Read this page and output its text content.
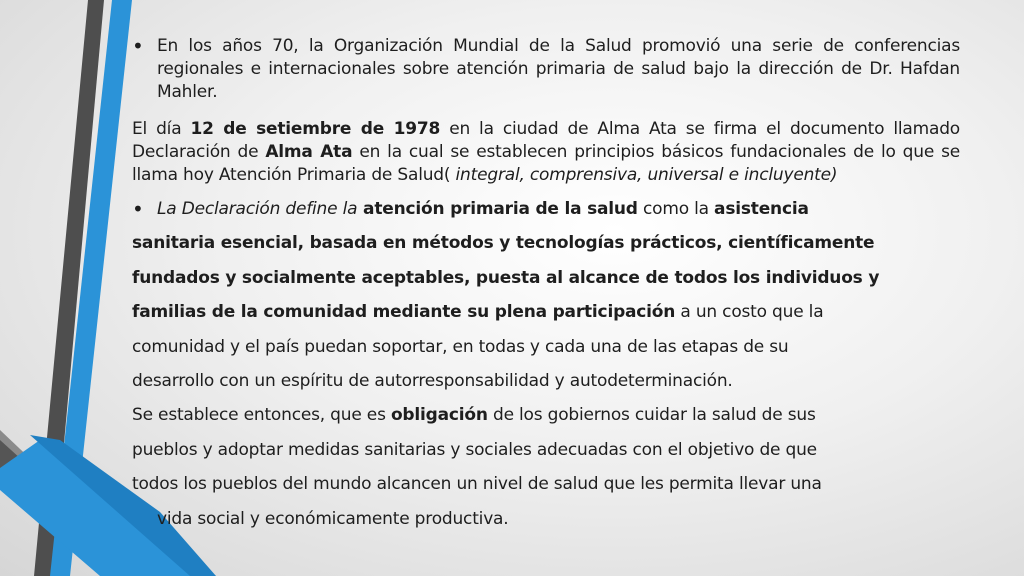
• En los años 70, la Organización Mundial de la Salud promovió una serie de conferencias regionales e internacionales sobre atención primaria de salud bajo la dirección de Dr. Hafdan Mahler.
El día 12 de setiembre de 1978 en la ciudad de Alma Ata se firma el documento llamado Declaración de Alma Ata en la cual se establecen principios básicos fundacionales de lo que se llama hoy Atención Primaria de Salud( integral, comprensiva, universal e incluyente)
• La Declaración define la atención primaria de la salud como la asistencia
sanitaria esencial, basada en métodos y tecnologías prácticos, científicamente
fundados y socialmente aceptables, puesta al alcance de todos los individuos y
familias de la comunidad mediante su plena participación a un costo que la
comunidad y el país puedan soportar, en todas y cada una de las etapas de su
desarrollo con un espíritu de autorresponsabilidad y autodeterminación.
Se establece entonces, que es obligación de los gobiernos cuidar la salud de sus
pueblos y adoptar medidas sanitarias y sociales adecuadas con el objetivo de que
todos los pueblos del mundo alcancen un nivel de salud que les permita llevar una
vida social y económicamente productiva.
